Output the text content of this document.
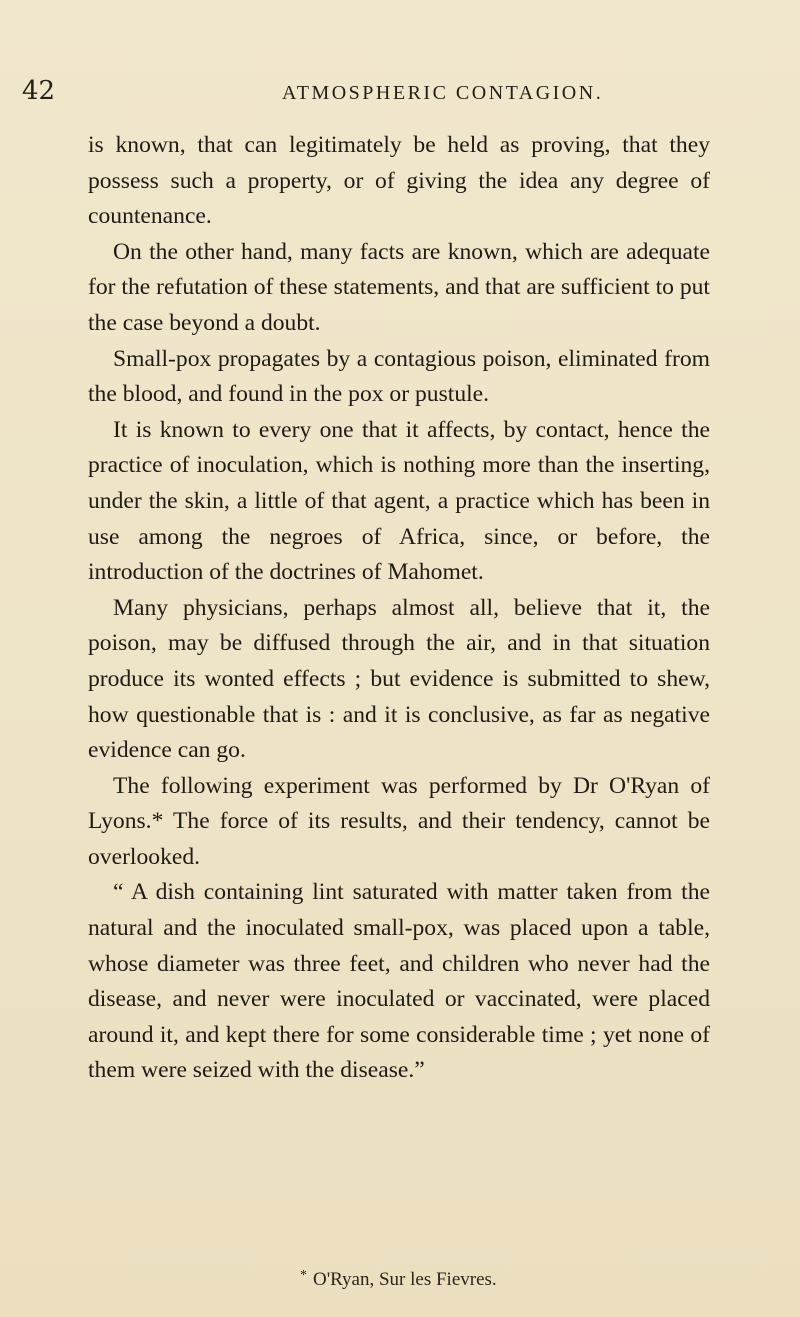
42	ATMOSPHERIC CONTAGION.

is known, that can legitimately be held as proving, that they possess such a property, or of giving the idea any degree of countenance.

On the other hand, many facts are known, which are adequate for the refutation of these statements, and that are sufficient to put the case beyond a doubt.

Small-pox propagates by a contagious poison, eliminated from the blood, and found in the pox or pustule.

It is known to every one that it affects, by contact, hence the practice of inoculation, which is nothing more than the inserting, under the skin, a little of that agent, a practice which has been in use among the negroes of Africa, since, or before, the introduction of the doctrines of Mahomet.

Many physicians, perhaps almost all, believe that it, the poison, may be diffused through the air, and in that situation produce its wonted effects ; but evidence is submitted to shew, how questionable that is : and it is conclusive, as far as negative evidence can go.

The following experiment was performed by Dr O'Ryan of Lyons.* The force of its results, and their tendency, cannot be overlooked.

“ A dish containing lint saturated with matter taken from the natural and the inoculated small-pox, was placed upon a table, whose diameter was three feet, and children who never had the disease, and never were inoculated or vaccinated, were placed around it, and kept there for some considerable time ; yet none of them were seized with the disease.”

* O'Ryan, Sur les Fievres.
